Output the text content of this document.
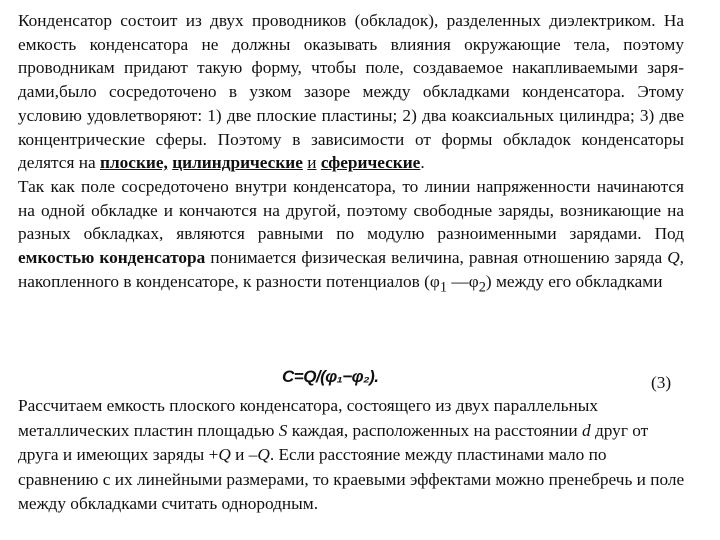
Конденсатор состоит из двух проводников (обкладок), разделенных диэлектриком. На емкость конденсатора не должны оказывать влияния окружающие тела, поэтому проводникам придают такую форму, чтобы поле, создаваемое накапливаемыми заря-дами,было сосредоточено в узком зазоре между обкладками конденсатора. Этому условию удовлетворяют: 1) две плоские пластины; 2) два коаксиальных цилиндра; 3) две концентрические сферы. Поэтому в зависимости от формы обкладок конденсаторы делятся на плоские, цилиндрические и сферические.
Так как поле сосредоточено внутри конденсатора, то линии напряженности начинаются на одной обкладке и кончаются на другой, поэтому свободные заряды, возникающие на разных обкладках, являются равными по модулю разноименными зарядами. Под емкостью конденсатора понимается физическая величина, равная отношению заряда Q, накопленного в конденсаторе, к разности потенциалов ($\varphi_1$ $—\varphi_2$) между его обкладками

C=Q/(φ₁−φ₂).	(3)

Рассчитаем емкость плоского конденсатора, состоящего из двух параллельных металлических пластин площадью S каждая, расположенных на расстоянии d друг от друга и имеющих заряды +Q и –Q. Если расстояние между пластинами мало по сравнению с их линейными размерами, то краевыми эффектами можно пренебречь и поле между обкладками считать однородным.
